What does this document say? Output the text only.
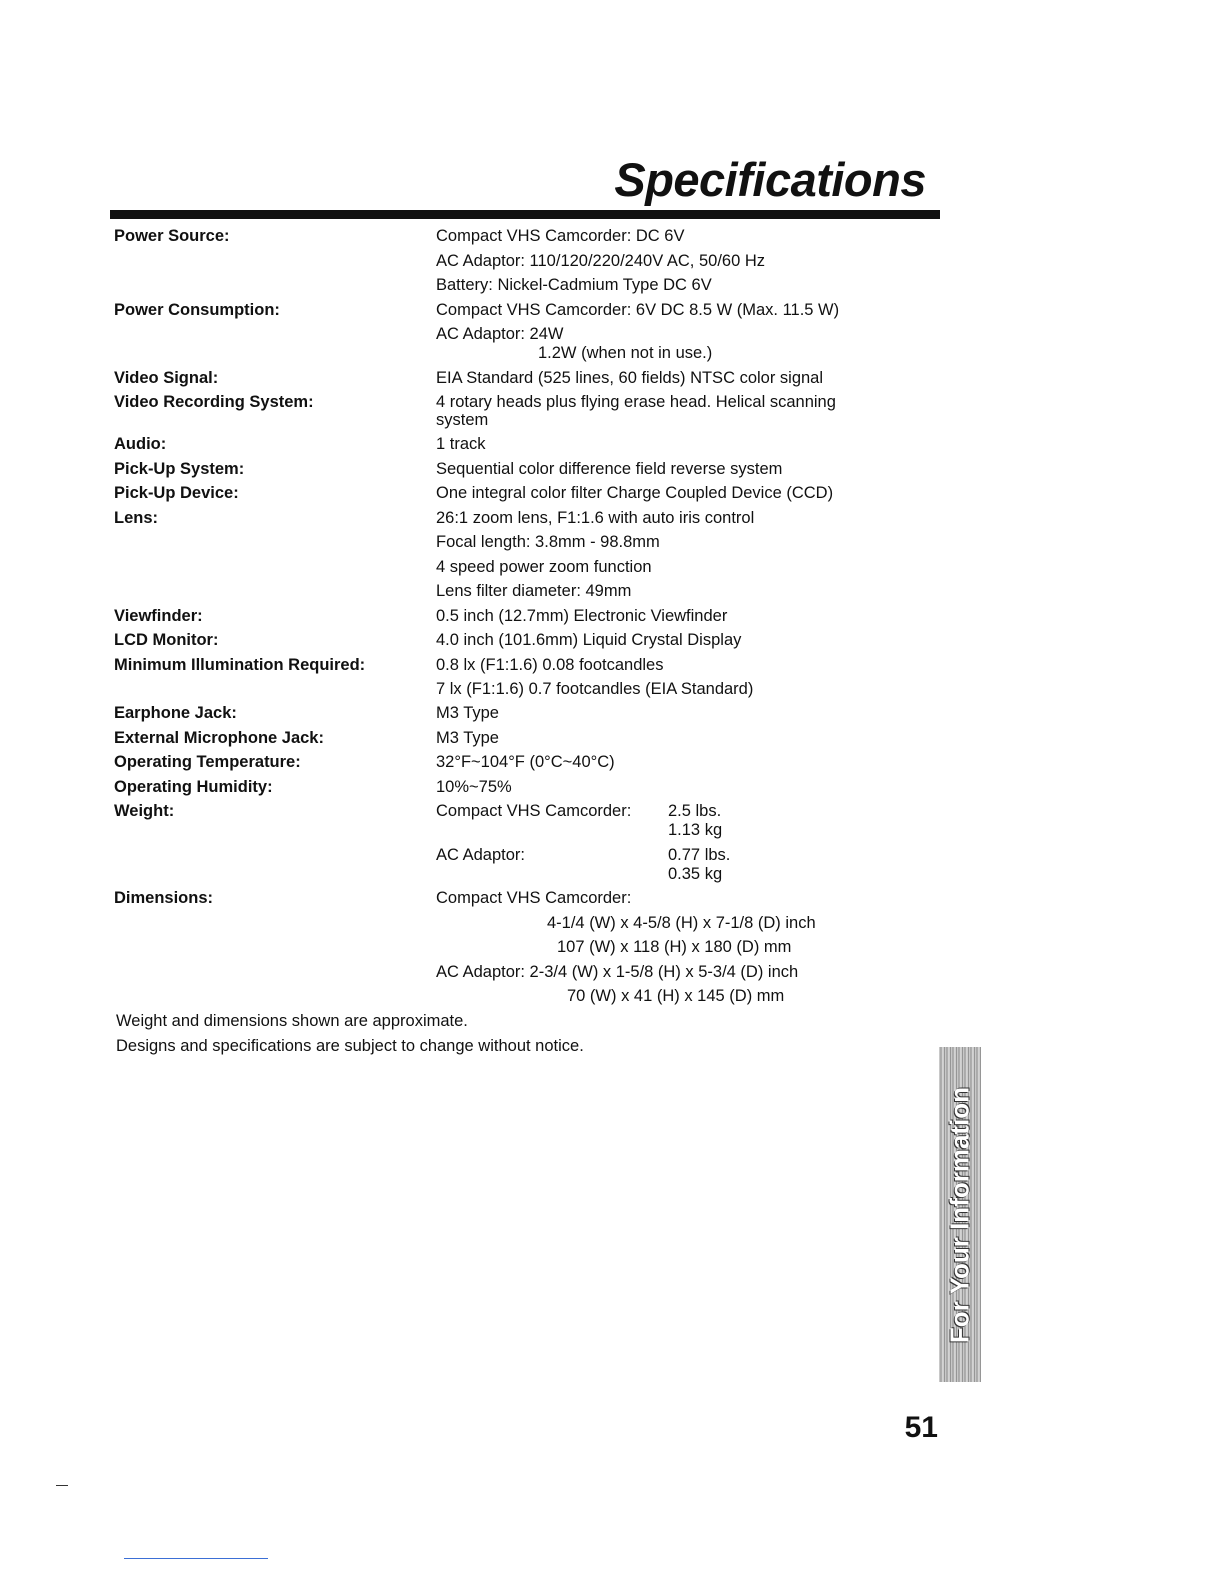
Specifications
Power Source:	Compact VHS Camcorder: DC 6V
AC Adaptor: 110/120/220/240V AC, 50/60 Hz
Battery: Nickel-Cadmium Type DC 6V
Power Consumption:	Compact VHS Camcorder: 6V DC 8.5 W (Max. 11.5 W)
AC Adaptor: 24W
1.2W (when not in use.)
Video Signal:	EIA Standard (525 lines, 60 fields) NTSC color signal
Video Recording System:	4 rotary heads plus flying erase head. Helical scanning
system
Audio:	1 track
Pick-Up System:	Sequential color difference field reverse system
Pick-Up Device:	One integral color filter Charge Coupled Device (CCD)
Lens:	26:1 zoom lens, F1:1.6 with auto iris control
Focal length: 3.8mm - 98.8mm
4 speed power zoom function
Lens filter diameter: 49mm
Viewfinder:	0.5 inch (12.7mm) Electronic Viewfinder
LCD Monitor:	4.0 inch (101.6mm) Liquid Crystal Display
Minimum Illumination Required:	0.8 lx (F1:1.6) 0.08 footcandles
7 lx (F1:1.6) 0.7 footcandles (EIA Standard)
Earphone Jack:	M3 Type
External Microphone Jack:	M3 Type
Operating Temperature:	32°F~104°F (0°C~40°C)
Operating Humidity:	10%~75%
Weight:	Compact VHS Camcorder: 2.5 lbs.
1.13 kg
AC Adaptor:	0.77 lbs.
0.35 kg
Dimensions:	Compact VHS Camcorder:
4-1/4 (W) x 4-5/8 (H) x 7-1/8 (D) inch
107 (W) x 118 (H) x 180 (D) mm
AC Adaptor: 2-3/4 (W) x 1-5/8 (H) x 5-3/4 (D) inch
70 (W) x 41 (H) x 145 (D) mm
Weight and dimensions shown are approximate.
Designs and specifications are subject to change without notice.
For Your Information
51
